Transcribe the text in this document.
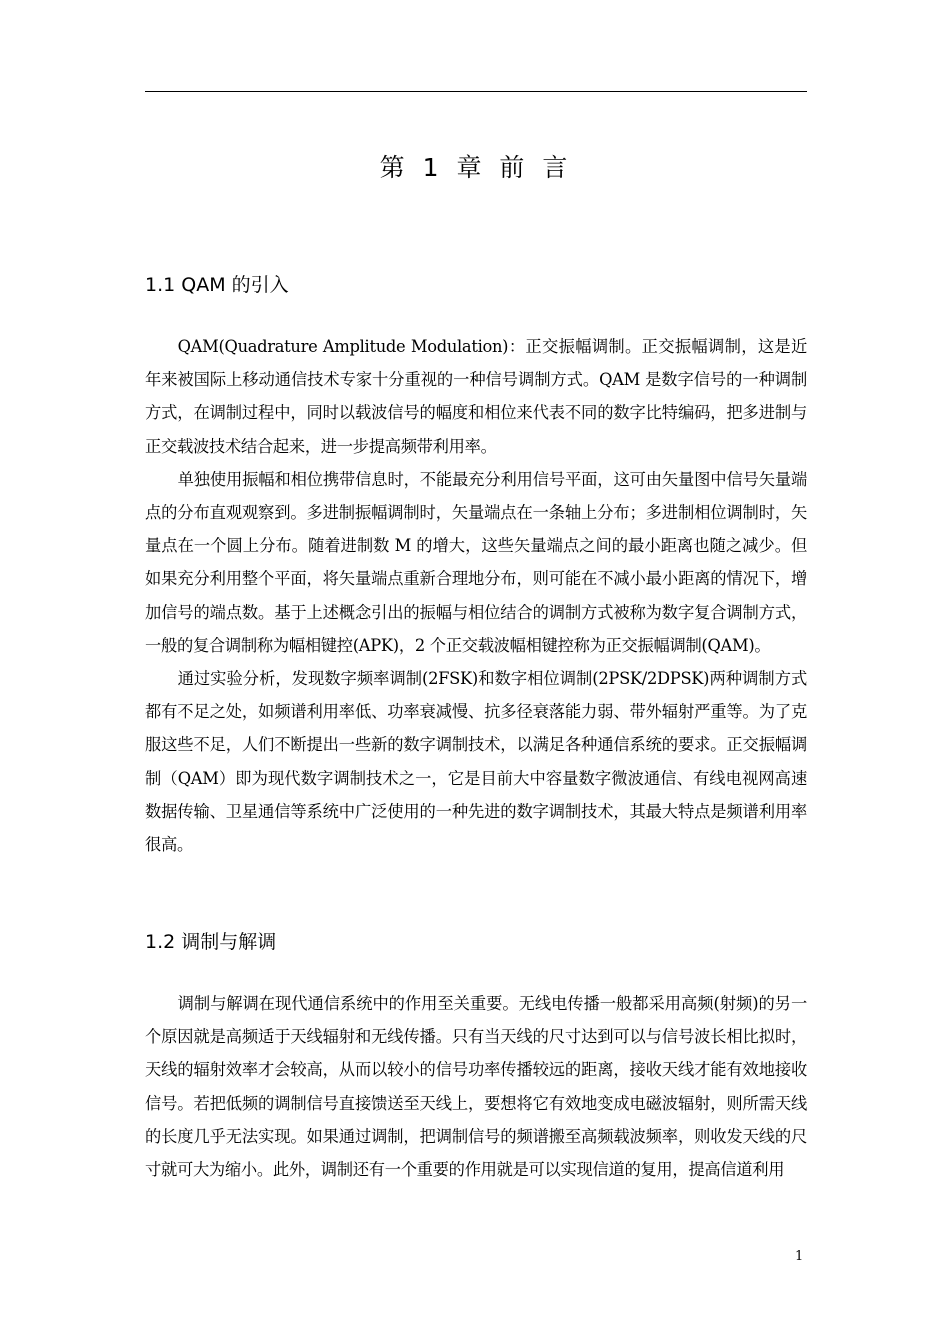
第 1 章 前 言
1.1 QAM 的引入

QAM(Quadrature Amplitude Modulation)：正交振幅调制。正交振幅调制，这是近年来被国际上移动通信技术专家十分重视的一种信号调制方式。QAM 是数字信号的一种调制方式，在调制过程中，同时以载波信号的幅度和相位来代表不同的数字比特编码，把多进制与正交载波技术结合起来，进一步提高频带利用率。

单独使用振幅和相位携带信息时，不能最充分利用信号平面，这可由矢量图中信号矢量端点的分布直观观察到。多进制振幅调制时，矢量端点在一条轴上分布；多进制相位调制时，矢量点在一个圆上分布。随着进制数 M 的增大，这些矢量端点之间的最小距离也随之减少。但如果充分利用整个平面，将矢量端点重新合理地分布，则可能在不减小最小距离的情况下，增加信号的端点数。基于上述概念引出的振幅与相位结合的调制方式被称为数字复合调制方式，一般的复合调制称为幅相键控(APK)，2 个正交载波幅相键控称为正交振幅调制(QAM)。

通过实验分析，发现数字频率调制(2FSK)和数字相位调制(2PSK/2DPSK)两种调制方式都有不足之处，如频谱利用率低、功率衰减慢、抗多径衰落能力弱、带外辐射严重等。为了克服这些不足，人们不断提出一些新的数字调制技术，以满足各种通信系统的要求。正交振幅调制（QAM）即为现代数字调制技术之一，它是目前大中容量数字微波通信、有线电视网高速数据传输、卫星通信等系统中广泛使用的一种先进的数字调制技术，其最大特点是频谱利用率很高。

1.2 调制与解调

调制与解调在现代通信系统中的作用至关重要。无线电传播一般都采用高频(射频)的另一个原因就是高频适于天线辐射和无线传播。只有当天线的尺寸达到可以与信号波长相比拟时，天线的辐射效率才会较高，从而以较小的信号功率传播较远的距离，接收天线才能有效地接收信号。若把低频的调制信号直接馈送至天线上，要想将它有效地变成电磁波辐射，则所需天线的长度几乎无法实现。如果通过调制，把调制信号的频谱搬至高频载波频率，则收发天线的尺寸就可大为缩小。此外，调制还有一个重要的作用就是可以实现信道的复用，提高信道利用

1
